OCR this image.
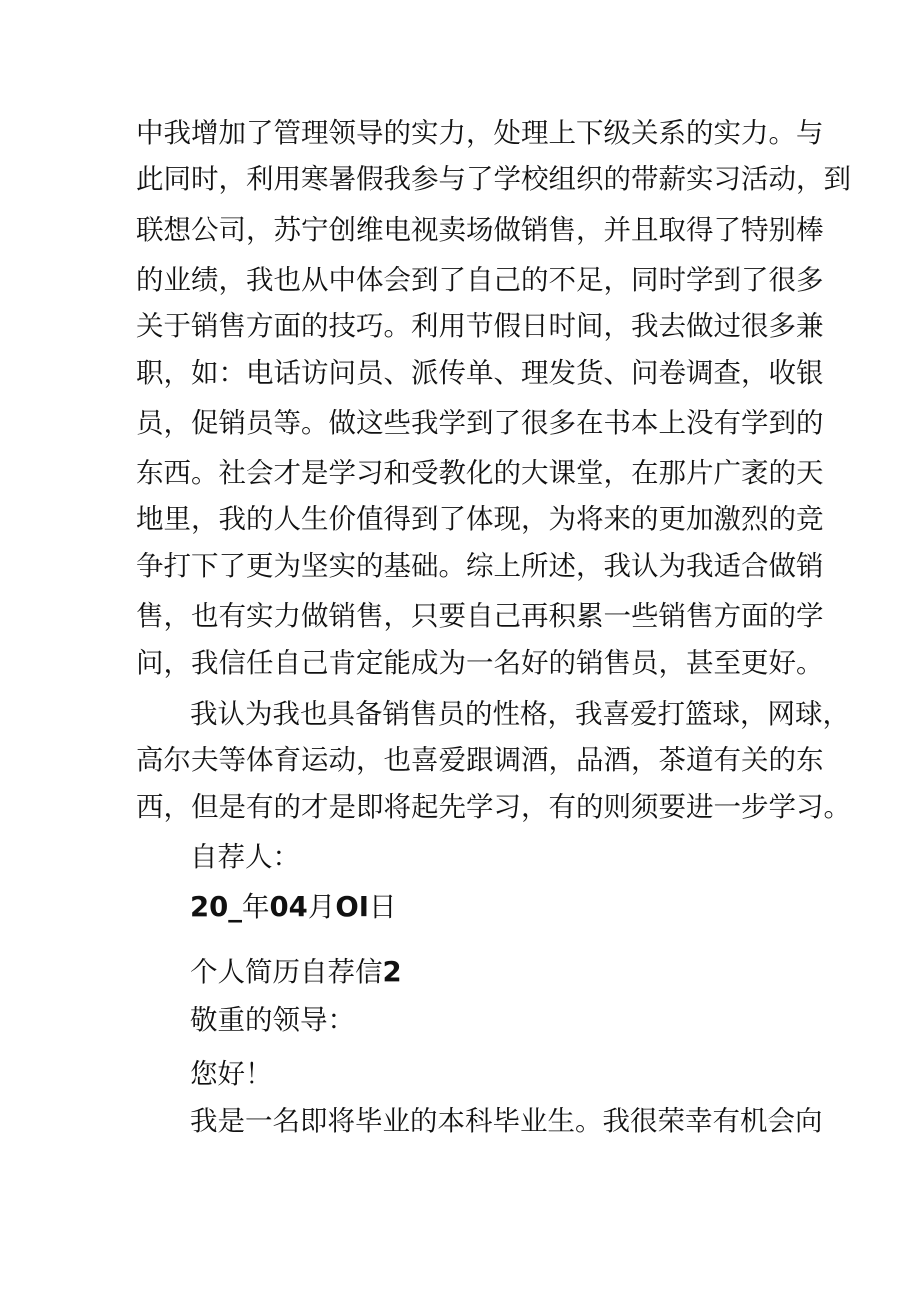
中我增加了管理领导的实力，处理上下级关系的实力。与
此同时，利用寒暑假我参与了学校组织的带薪实习活动，到
联想公司，苏宁创维电视卖场做销售，并且取得了特别棒
的业绩，我也从中体会到了自己的不足，同时学到了很多
关于销售方面的技巧。利用节假日时间，我去做过很多兼
职，如：电话访问员、派传单、理发货、问卷调查，收银
员，促销员等。做这些我学到了很多在书本上没有学到的
东西。社会才是学习和受教化的大课堂，在那片广袤的天
地里，我的人生价值得到了体现，为将来的更加激烈的竞
争打下了更为坚实的基础。综上所述，我认为我适合做销
售，也有实力做销售，只要自己再积累一些销售方面的学
问，我信任自己肯定能成为一名好的销售员，甚至更好。
我认为我也具备销售员的性格，我喜爱打篮球，网球，
高尔夫等体育运动，也喜爱跟调酒，品酒，茶道有关的东
西，但是有的才是即将起先学习，有的则须要进一步学习。
自荐人：
20_年04月OI日
个人简历自荐信2
敬重的领导：
您好！
我是一名即将毕业的本科毕业生。我很荣幸有机会向
